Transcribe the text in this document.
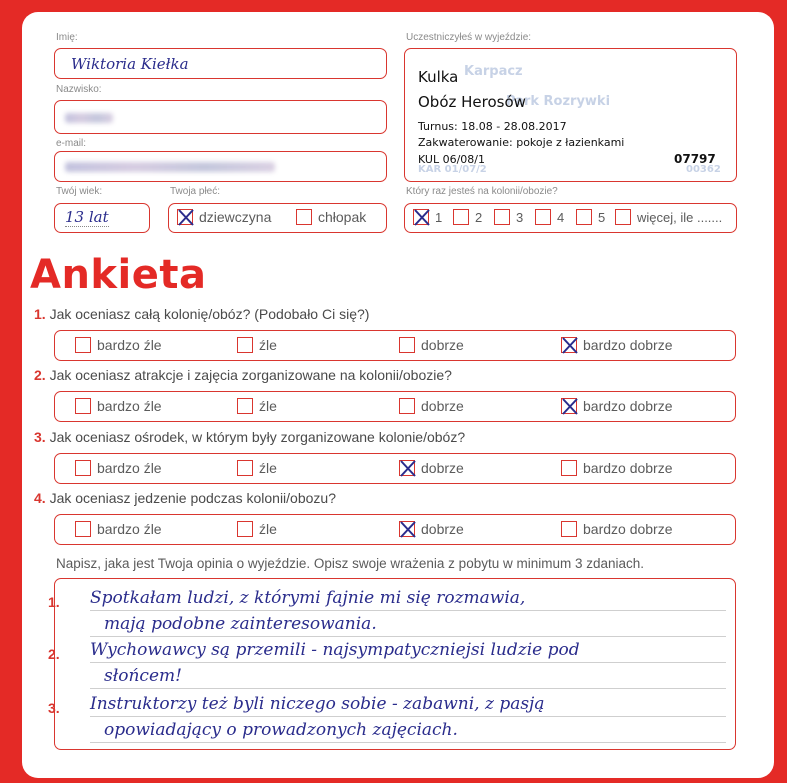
Imię:
Wiktoria Kiełka
Nazwisko:
e-mail:
Twój wiek:
13 lat
Twoja płeć:
dziewczyna	chłopak
Uczestniczyłeś w wyjeździe:
Karpacz
Park Rozrywki
KAR 01/07/2	00362
Kulka
Obóz Herosów
Turnus: 18.08 - 28.08.2017
Zakwaterowanie: pokoje z łazienkami
KUL 06/08/1	07797
Który raz jesteś na kolonii/obozie?
1	2	3	4	5 więcej, ile .......
Ankieta
1. Jak oceniasz całą kolonię/obóz? (Podobało Ci się?)
bardzo źle	źle	dobrze	bardzo dobrze
2. Jak oceniasz atrakcje i zajęcia zorganizowane na kolonii/obozie?
bardzo źle	źle	dobrze	bardzo dobrze
3. Jak oceniasz ośrodek, w którym były zorganizowane kolonie/obóz?
bardzo źle	źle	dobrze	bardzo dobrze
4. Jak oceniasz jedzenie podczas kolonii/obozu?
bardzo źle	źle	dobrze	bardzo dobrze
Napisz, jaka jest Twoja opinia o wyjeździe. Opisz swoje wrażenia z pobytu w minimum 3 zdaniach.
1. Spotkałam ludzi, z którymi fajnie mi się rozmawia,
mają podobne zainteresowania.
2. Wychowawcy są przemili - najsympatyczniejsi ludzie pod
słońcem!
3. Instruktorzy też byli niczego sobie - zabawni, z pasją
opowiadający o prowadzonych zajęciach.
